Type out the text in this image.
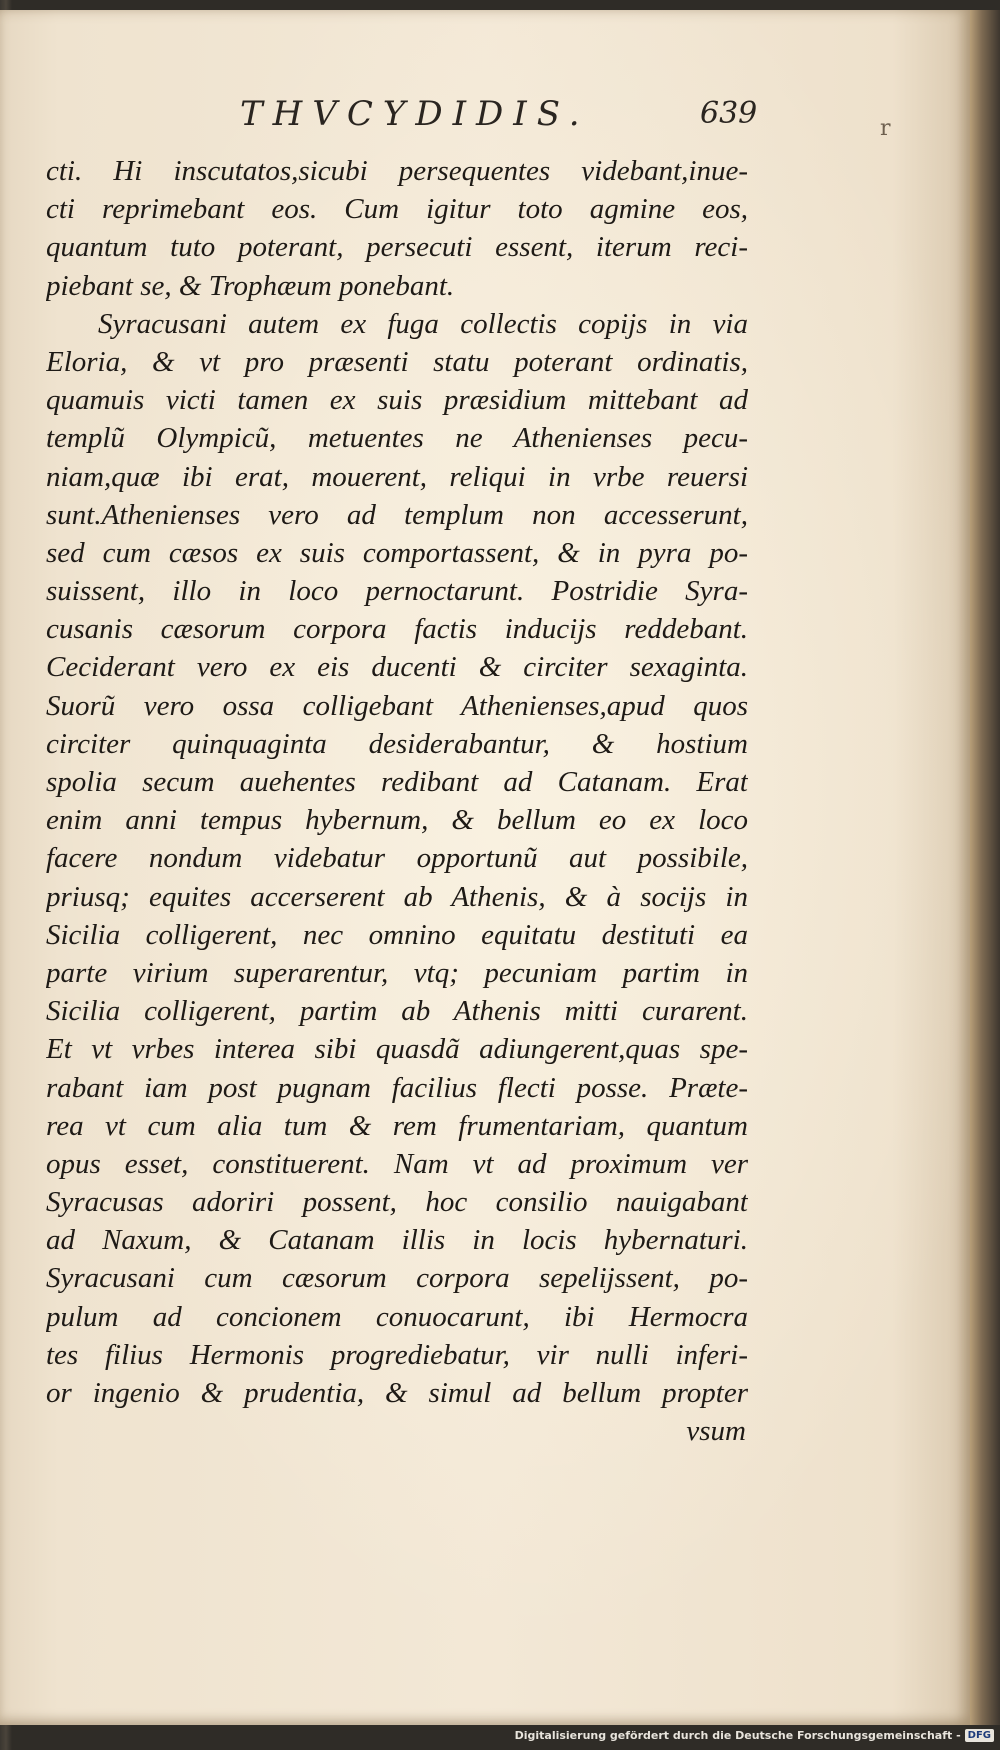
THVCYDIDIS.	639	r
cti. Hi inscutatos,sicubi persequentes videbant,inue-
cti reprimebant eos. Cum igitur toto agmine eos,
quantum tuto poterant, persecuti essent, iterum reci-
piebant se, & Trophæum ponebant.
Syracusani autem ex fuga collectis copijs in via
Eloria, & vt pro præsenti statu poterant ordinatis,
quamuis victi tamen ex suis præsidium mittebant ad
templũ Olympicũ, metuentes ne Athenienses pecu-
niam,quæ ibi erat, mouerent, reliqui in vrbe reuersi
sunt.Athenienses vero ad templum non accesserunt,
sed cum cæsos ex suis comportassent, & in pyra po-
suissent, illo in loco pernoctarunt. Postridie Syra-
cusanis cæsorum corpora factis inducijs reddebant.
Ceciderant vero ex eis ducenti & circiter sexaginta.
Suorũ vero ossa colligebant Athenienses,apud quos
circiter quinquaginta desiderabantur, & hostium
spolia secum auehentes redibant ad Catanam. Erat
enim anni tempus hybernum, & bellum eo ex loco
facere nondum videbatur opportunũ aut possibile,
priusq; equites accerserent ab Athenis, & à socijs in
Sicilia colligerent, nec omnino equitatu destituti ea
parte virium superarentur, vtq; pecuniam partim in
Sicilia colligerent, partim ab Athenis mitti curarent.
Et vt vrbes interea sibi quasdã adiungerent,quas spe-
rabant iam post pugnam facilius flecti posse. Præte-
rea vt cum alia tum & rem frumentariam, quantum
opus esset, constituerent. Nam vt ad proximum ver
Syracusas adoriri possent, hoc consilio nauigabant
ad Naxum, & Catanam illis in locis hybernaturi.
Syracusani cum cæsorum corpora sepelijssent, po-
pulum ad concionem conuocarunt, ibi Hermocra
tes filius Hermonis progrediebatur, vir nulli inferi-
or ingenio & prudentia, & simul ad bellum propter
vsum
Digitalisierung gefördert durch die Deutsche Forschungsgemeinschaft - DFG
